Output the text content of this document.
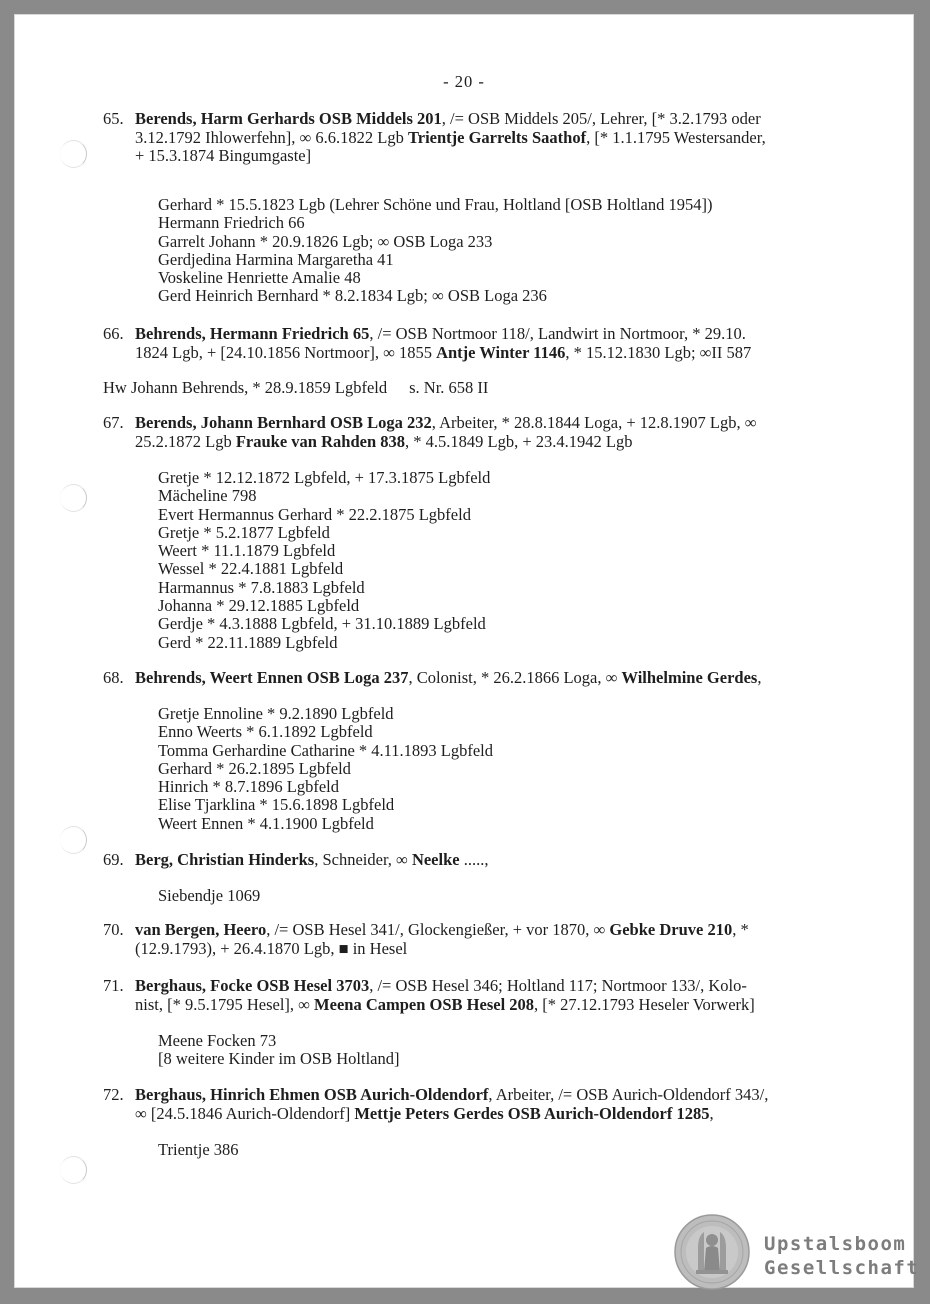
- 20 -
65. Berends, Harm Gerhards OSB Middels 201, /= OSB Middels 205/, Lehrer, [* 3.2.1793 oder
3.12.1792 Ihlowerfehn], ∞ 6.6.1822 Lgb Trientje Garrelts Saathof, [* 1.1.1795 Westersander,
+ 15.3.1874 Bingumgaste]
Gerhard * 15.5.1823 Lgb (Lehrer Schöne und Frau, Holtland [OSB Holtland 1954])
Hermann Friedrich 66
Garrelt Johann * 20.9.1826 Lgb; ∞ OSB Loga 233
Gerdjedina Harmina Margaretha 41
Voskeline Henriette Amalie 48
Gerd Heinrich Bernhard * 8.2.1834 Lgb; ∞ OSB Loga 236
66. Behrends, Hermann Friedrich 65, /= OSB Nortmoor 118/, Landwirt in Nortmoor, * 29.10.
1824 Lgb, + [24.10.1856 Nortmoor], ∞ 1855 Antje Winter 1146, * 15.12.1830 Lgb; ∞II 587
Hw Johann Behrends, * 28.9.1859 Lgbfeld s. Nr. 658 II
67. Berends, Johann Bernhard OSB Loga 232, Arbeiter, * 28.8.1844 Loga, + 12.8.1907 Lgb, ∞
25.2.1872 Lgb Frauke van Rahden 838, * 4.5.1849 Lgb, + 23.4.1942 Lgb
Gretje * 12.12.1872 Lgbfeld, + 17.3.1875 Lgbfeld
Mächeline 798
Evert Hermannus Gerhard * 22.2.1875 Lgbfeld
Gretje * 5.2.1877 Lgbfeld
Weert * 11.1.1879 Lgbfeld
Wessel * 22.4.1881 Lgbfeld
Harmannus * 7.8.1883 Lgbfeld
Johanna * 29.12.1885 Lgbfeld
Gerdje * 4.3.1888 Lgbfeld, + 31.10.1889 Lgbfeld
Gerd * 22.11.1889 Lgbfeld
68. Behrends, Weert Ennen OSB Loga 237, Colonist, * 26.2.1866 Loga, ∞ Wilhelmine Gerdes,
Gretje Ennoline * 9.2.1890 Lgbfeld
Enno Weerts * 6.1.1892 Lgbfeld
Tomma Gerhardine Catharine * 4.11.1893 Lgbfeld
Gerhard * 26.2.1895 Lgbfeld
Hinrich * 8.7.1896 Lgbfeld
Elise Tjarklina * 15.6.1898 Lgbfeld
Weert Ennen * 4.1.1900 Lgbfeld
69. Berg, Christian Hinderks, Schneider, ∞ Neelke .....,
Siebendje 1069
70. van Bergen, Heero, /= OSB Hesel 341/, Glockengießer, + vor 1870, ∞ Gebke Druve 210, *
(12.9.1793), + 26.4.1870 Lgb, ■ in Hesel
71. Berghaus, Focke OSB Hesel 3703, /= OSB Hesel 346; Holtland 117; Nortmoor 133/, Kolo-
nist, [* 9.5.1795 Hesel], ∞ Meena Campen OSB Hesel 208, [* 27.12.1793 Heseler Vorwerk]
Meene Focken 73
[8 weitere Kinder im OSB Holtland]
72. Berghaus, Hinrich Ehmen OSB Aurich-Oldendorf, Arbeiter, /= OSB Aurich-Oldendorf 343/,
∞ [24.5.1846 Aurich-Oldendorf] Mettje Peters Gerdes OSB Aurich-Oldendorf 1285,
Trientje 386
Upstalsboom
Gesellschaft
